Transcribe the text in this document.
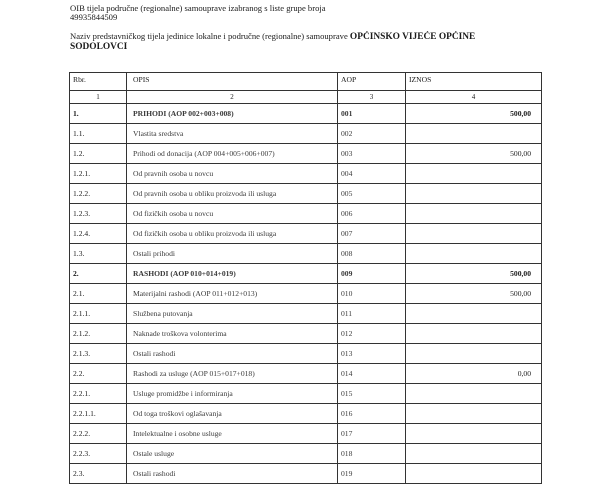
OIB tijela područne (regionalne) samouprave izabranog s liste grupe broja
49935844509
Naziv predstavničkog tijela jedinice lokalne i područne (regionalne) samouprave OPĆINSKO VIJEĆE OPĆINE
ŠODOLOVCI
Rbr.	OPIS	AOP	IZNOS
1	2	3	4
1.	PRIHODI (AOP 002+003+008)	001	500,00
1.1.	Vlastita sredstva	002	
1.2.	Prihodi od donacija (AOP 004+005+006+007)	003	500,00
1.2.1.	Od pravnih osoba u novcu	004	
1.2.2.	Od pravnih osoba u obliku proizvoda ili usluga	005	
1.2.3.	Od fizičkih osoba u novcu	006	
1.2.4.	Od fizičkih osoba u obliku proizvoda ili usluga	007	
1.3.	Ostali prihodi	008	
2.	RASHODI (AOP 010+014+019)	009	500,00
2.1.	Materijalni rashodi (AOP 011+012+013)	010	500,00
2.1.1.	Službena putovanja	011	
2.1.2.	Naknade troškova volonterima	012	
2.1.3.	Ostali rashodi	013	
2.2.	Rashodi za usluge (AOP 015+017+018)	014	0,00
2.2.1.	Usluge promidžbe i informiranja	015	
2.2.1.1.	Od toga troškovi oglašavanja	016	
2.2.2.	Intelektualne i osobne usluge	017	
2.2.3.	Ostale usluge	018	
2.3.	Ostali rashodi	019	
